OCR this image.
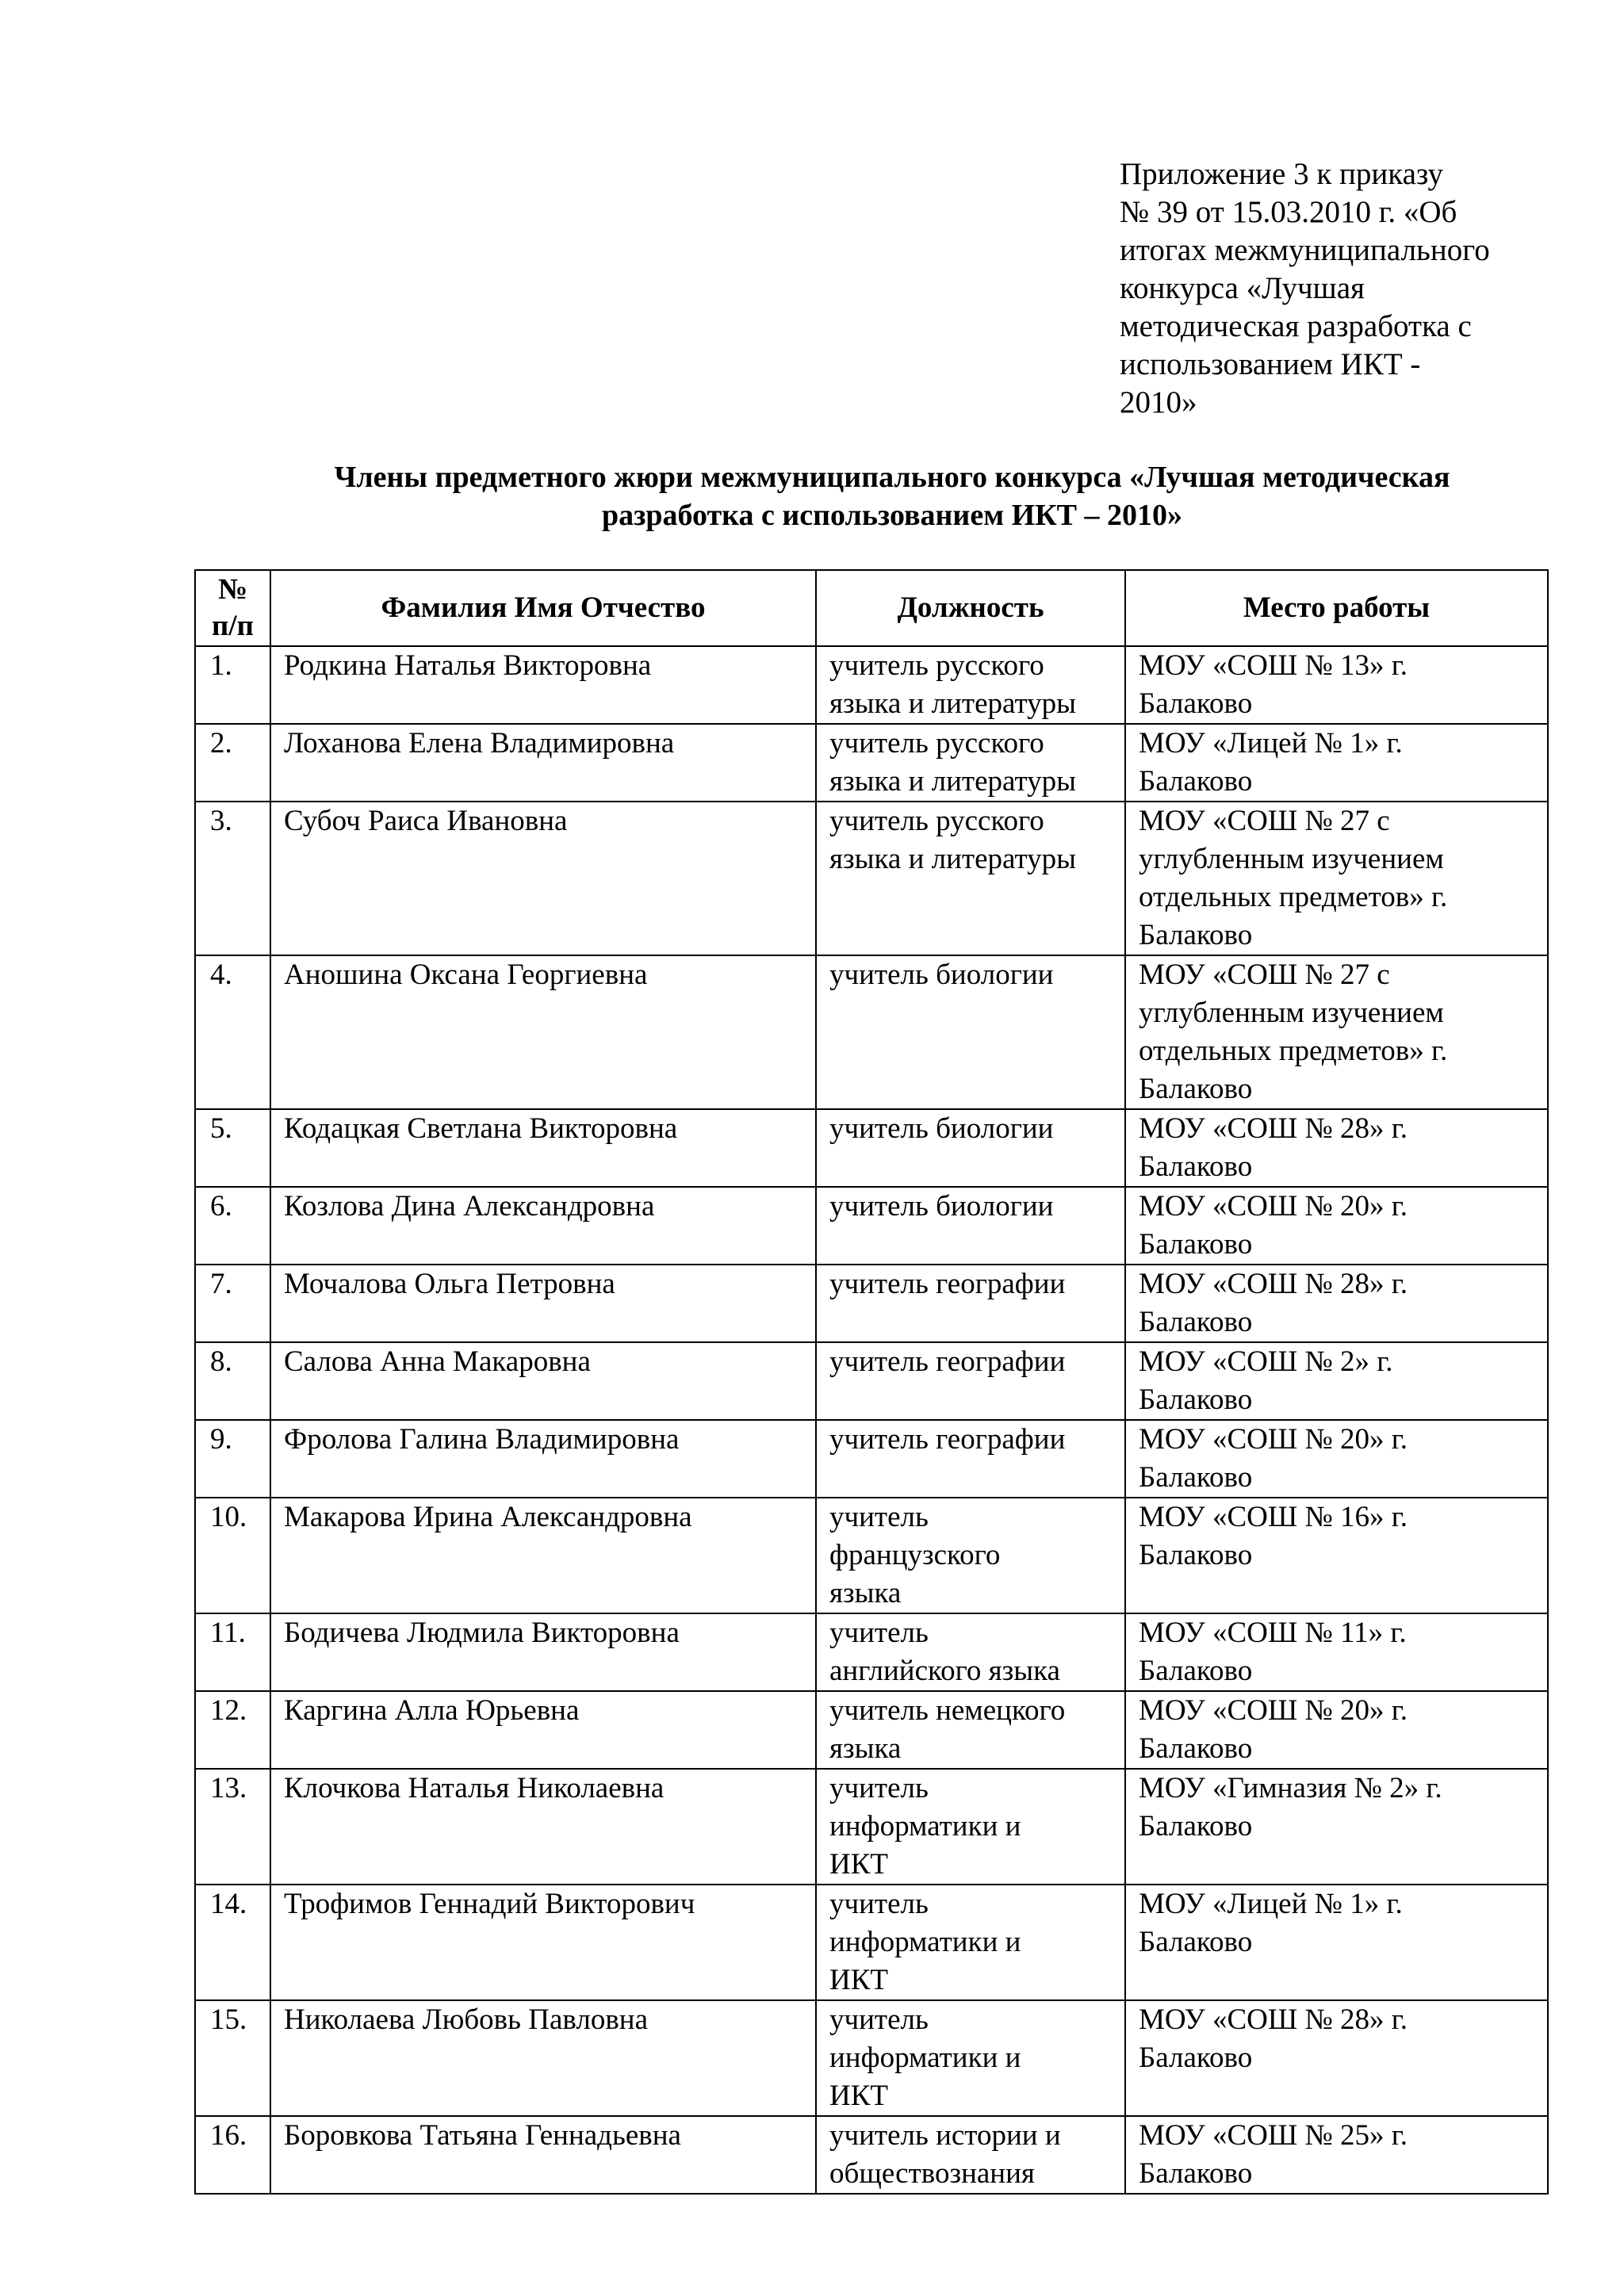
Приложение 3 к приказу
№ 39 от 15.03.2010 г. «Об
итогах межмуниципального
конкурса «Лучшая
методическая разработка с
использованием ИКТ -
2010»
Члены предметного жюри межмуниципального конкурса «Лучшая методическая
разработка с использованием ИКТ – 2010»
№
п/п	Фамилия Имя Отчество	Должность	Место работы
1.	Родкина Наталья Викторовна	учитель русского
языка и литературы	МОУ «СОШ № 13» г.
Балаково

2.	Лоханова Елена Владимировна	учитель русского
языка и литературы	МОУ «Лицей № 1» г.
Балаково

3.	Субоч Раиса Ивановна	учитель русского
языка и литературы	МОУ «СОШ № 27 с
углубленным изучением
отдельных предметов» г.
Балаково

4.	Аношина Оксана Георгиевна	учитель биологии	МОУ «СОШ № 27 с
углубленным изучением
отдельных предметов» г.
Балаково

5.	Кодацкая Светлана Викторовна	учитель биологии	МОУ «СОШ № 28» г.
Балаково

6.	Козлова Дина Александровна	учитель биологии	МОУ «СОШ № 20» г.
Балаково

7.	Мочалова Ольга Петровна	учитель географии	МОУ «СОШ № 28» г.
Балаково

8.	Салова Анна Макаровна	учитель географии	МОУ «СОШ № 2» г.
Балаково

9.	Фролова Галина Владимировна	учитель географии	МОУ «СОШ № 20» г.
Балаково

10.	Макарова Ирина Александровна	учитель
французского
языка	МОУ «СОШ № 16» г.
Балаково

11.	Бодичева Людмила Викторовна	учитель
английского языка	МОУ «СОШ № 11» г.
Балаково

12.	Каргина Алла Юрьевна	учитель немецкого
языка	МОУ «СОШ № 20» г.
Балаково

13.	Клочкова Наталья Николаевна	учитель
информатики и
ИКТ	МОУ «Гимназия № 2» г.
Балаково

14.	Трофимов Геннадий Викторович	учитель
информатики и
ИКТ	МОУ «Лицей № 1» г.
Балаково

15.	Николаева Любовь Павловна	учитель
информатики и
ИКТ	МОУ «СОШ № 28» г.
Балаково

16.	Боровкова Татьяна Геннадьевна	учитель истории и
обществознания	МОУ «СОШ № 25» г.
Балаково
